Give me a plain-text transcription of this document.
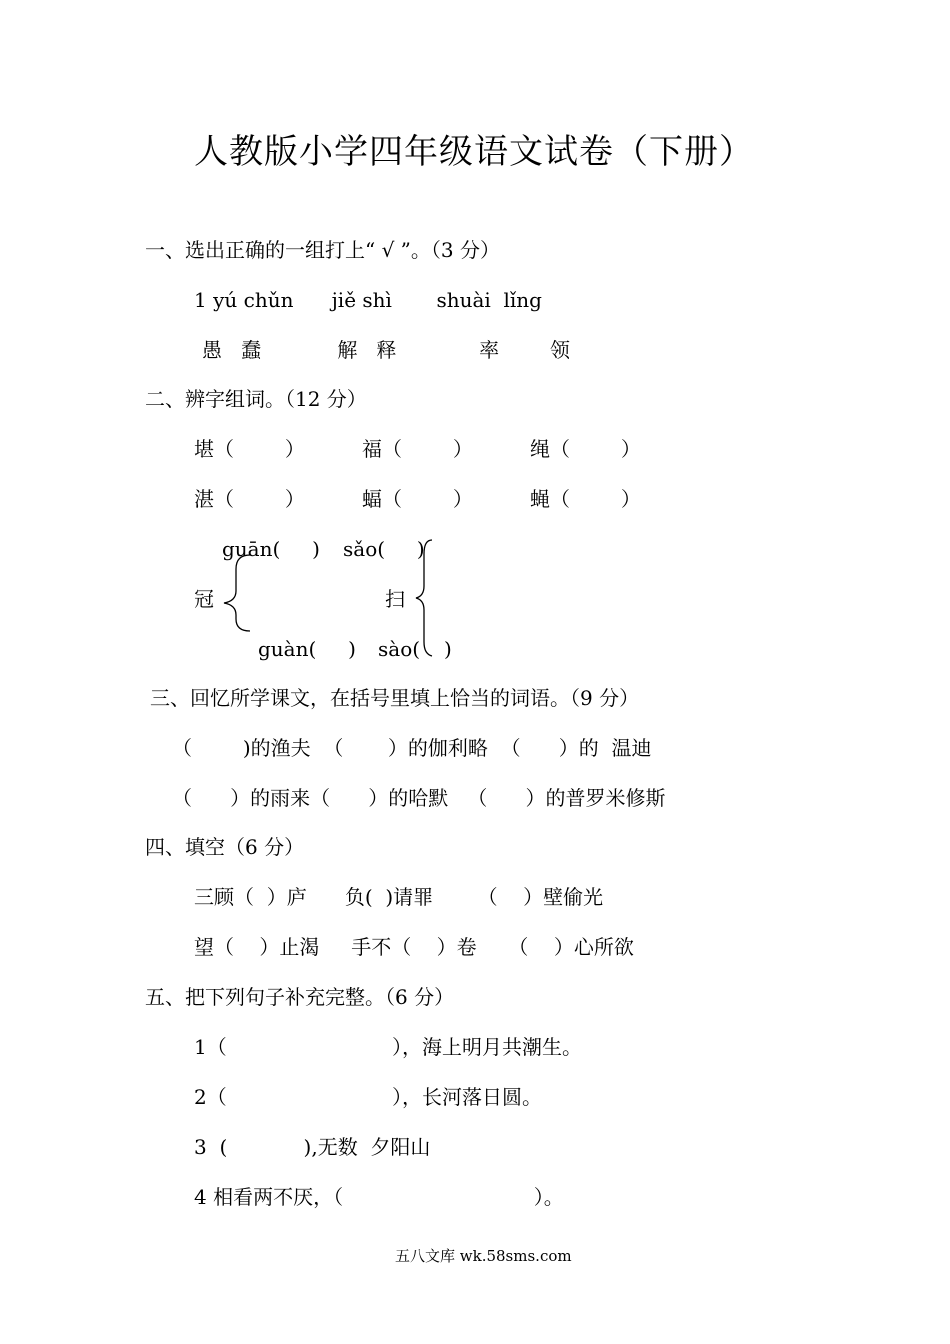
人教版小学四年级语文试卷（下册）
一、选出正确的一组打上“ √ ”。（3 分）
1 yú chǔn      jiě shì       shuài  lǐng
愚   蠢            解   释             率        领
二、辨字组词。（12 分）
堪（        ）	福（        ）	绳（        ）
湛（        ）	蝠（        ）	蝇（        ）
guān(     ) sǎo(     )
冠	扫
guàn(     ) sào( )
三、回忆所学课文，在括号里填上恰当的词语。（9 分）
（        )的渔夫  （       ）的伽利略  （      ）的  温迪
（      ）的雨来（      ）的哈默   （      ）的普罗米修斯
四、填空（6 分）
三顾（  ）庐      负(  )请罪       （    ）壁偷光
望（    ）止渴     手不（    ）卷     （    ）心所欲
五、把下列句子补充完整。（6 分）
1（                          ），海上明月共潮生。
2（                          ），长河落日圆。
3  (            ),无数  夕阳山
4 相看两不厌，（                              ）。
五八文库 wk.58sms.com
